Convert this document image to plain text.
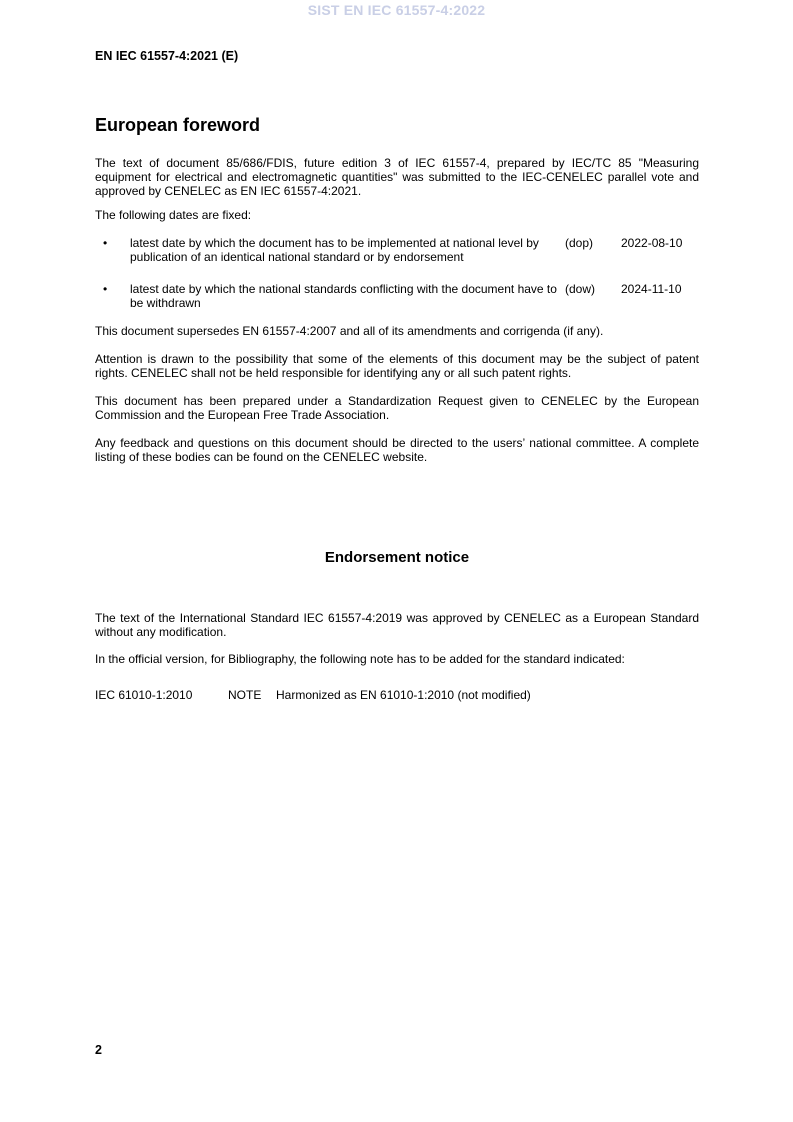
SIST EN IEC 61557-4:2022
EN IEC 61557-4:2021 (E)
European foreword

The text of document 85/686/FDIS, future edition 3 of IEC 61557-4, prepared by IEC/TC 85 "Measuring equipment for electrical and electromagnetic quantities" was submitted to the IEC-CENELEC parallel vote and approved by CENELEC as EN IEC 61557-4:2021.

The following dates are fixed:

•	latest date by which the document has to be implemented at national level by publication of an identical national standard or by endorsement
(dop)	2022-08-10
•	latest date by which the national standards conflicting with the document have to be withdrawn
(dow)	2024-11-10

This document supersedes EN 61557-4:2007 and all of its amendments and corrigenda (if any).

Attention is drawn to the possibility that some of the elements of this document may be the subject of patent rights. CENELEC shall not be held responsible for identifying any or all such patent rights.

This document has been prepared under a Standardization Request given to CENELEC by the European Commission and the European Free Trade Association.

Any feedback and questions on this document should be directed to the users’ national committee. A complete listing of these bodies can be found on the CENELEC website.

Endorsement notice

The text of the International Standard IEC 61557-4:2019 was approved by CENELEC as a European Standard without any modification.

In the official version, for Bibliography, the following note has to be added for the standard indicated:

IEC 61010-1:2010	NOTE	Harmonized as EN 61010-1:2010 (not modified)
2
